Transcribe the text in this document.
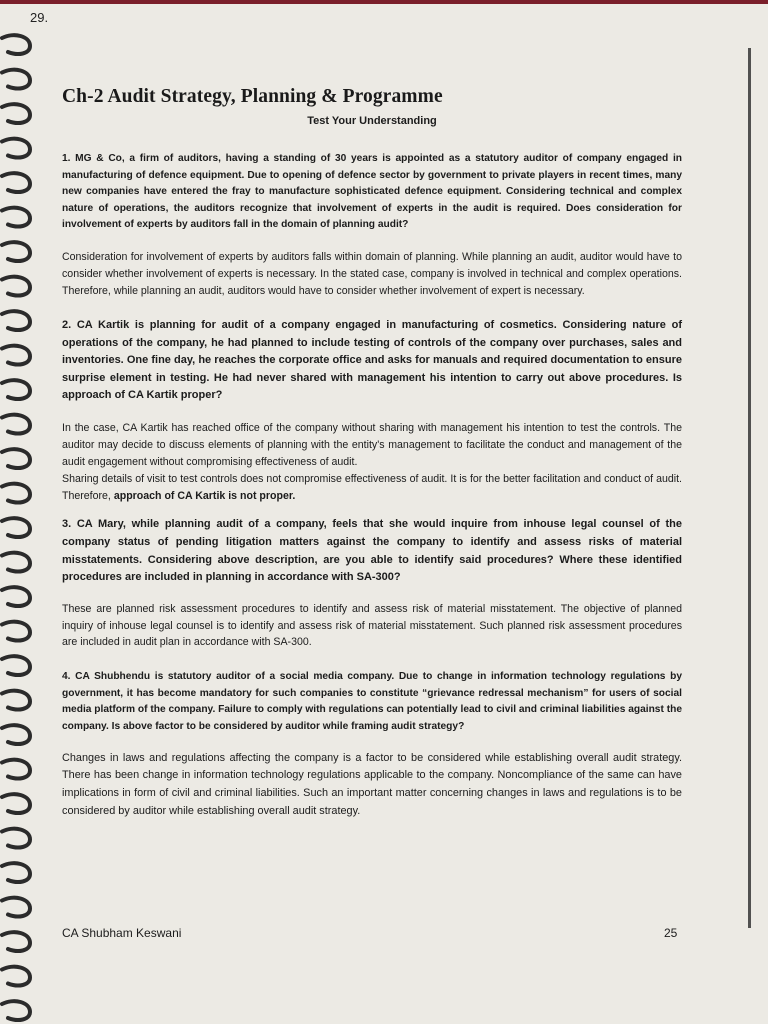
29.
Ch-2 Audit Strategy, Planning & Programme

Test Your Understanding

1. MG & Co, a firm of auditors, having a standing of 30 years is appointed as a statutory auditor of company engaged in manufacturing of defence equipment. Due to opening of defence sector by government to private players in recent times, many new companies have entered the fray to manufacture sophisticated defence equipment. Considering technical and complex nature of operations, the auditors recognize that involvement of experts in the audit is required. Does consideration for involvement of experts by auditors fall in the domain of planning audit?

Consideration for involvement of experts by auditors falls within domain of planning. While planning an audit, auditor would have to consider whether involvement of experts is necessary. In the stated case, company is involved in technical and complex operations. Therefore, while planning an audit, auditors would have to consider whether involvement of expert is necessary.

2. CA Kartik is planning for audit of a company engaged in manufacturing of cosmetics. Considering nature of operations of the company, he had planned to include testing of controls of the company over purchases, sales and inventories. One fine day, he reaches the corporate office and asks for manuals and required documentation to ensure surprise element in testing. He had never shared with management his intention to carry out above procedures. Is approach of CA Kartik proper?

In the case, CA Kartik has reached office of the company without sharing with management his intention to test the controls. The auditor may decide to discuss elements of planning with the entity's management to facilitate the conduct and management of the audit engagement without compromising effectiveness of audit.

Sharing details of visit to test controls does not compromise effectiveness of audit. It is for the better facilitation and conduct of audit. Therefore, approach of CA Kartik is not proper.

3. CA Mary, while planning audit of a company, feels that she would inquire from inhouse legal counsel of the company status of pending litigation matters against the company to identify and assess risks of material misstatements. Considering above description, are you able to identify said procedures? Where these identified procedures are included in planning in accordance with SA-300?

These are planned risk assessment procedures to identify and assess risk of material misstatement. The objective of planned inquiry of inhouse legal counsel is to identify and assess risk of material misstatement. Such planned risk assessment procedures are included in audit plan in accordance with SA-300.

4. CA Shubhendu is statutory auditor of a social media company. Due to change in information technology regulations by government, it has become mandatory for such companies to constitute “grievance redressal mechanism” for users of social media platform of the company. Failure to comply with regulations can potentially lead to civil and criminal liabilities against the company. Is above factor to be considered by auditor while framing audit strategy?

Changes in laws and regulations affecting the company is a factor to be considered while establishing overall audit strategy. There has been change in information technology regulations applicable to the company. Noncompliance of the same can have implications in form of civil and criminal liabilities. Such an important matter concerning changes in laws and regulations is to be considered by auditor while establishing overall audit strategy.

CA Shubham Keswani	25
